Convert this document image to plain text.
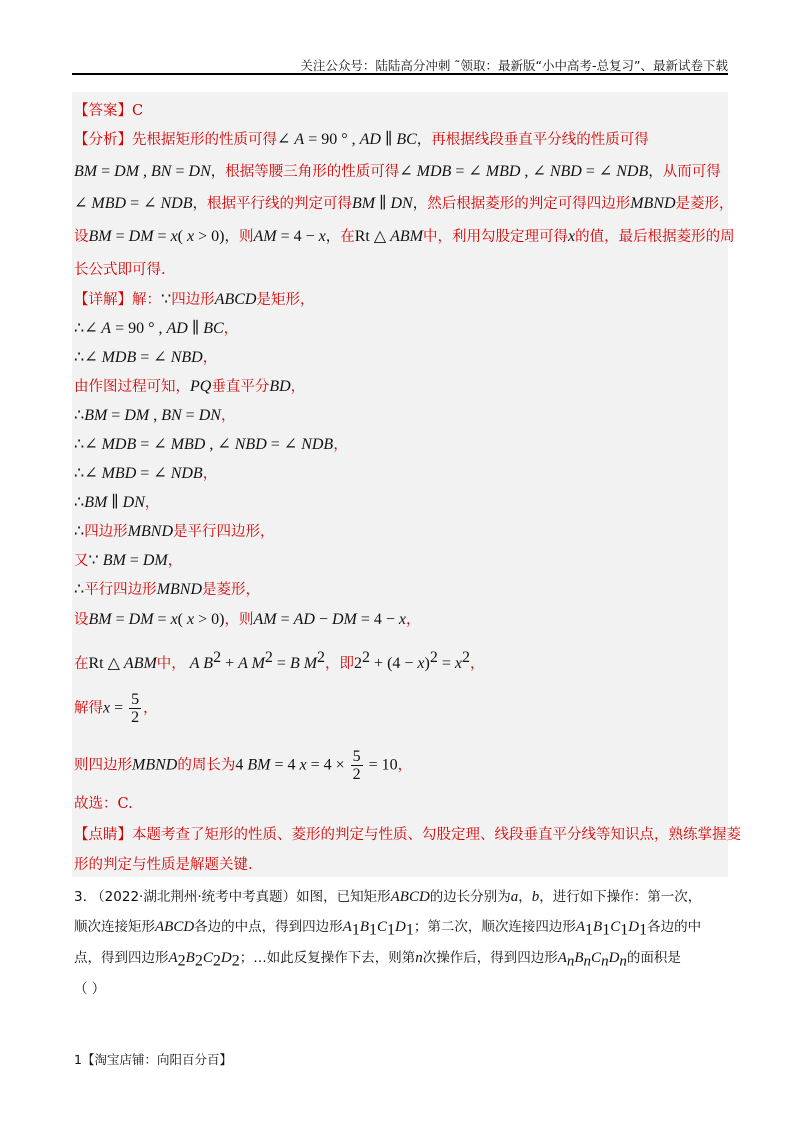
关注公众号：陆陆高分冲刺 ˜领取：最新版“小中高考-总复习”、最新试卷下载
【答案】C
【分析】先根据矩形的性质可得∠ A = 90 ° , AD ∥ BC，再根据线段垂直平分线的性质可得
BM = DM , BN = DN，根据等腰三角形的性质可得∠ MDB = ∠ MBD , ∠ NBD = ∠ NDB，从而可得
∠ MBD = ∠ NDB，根据平行线的判定可得BM ∥ DN，然后根据菱形的判定可得四边形MBND是菱形，
设BM = DM = x( x > 0)，则AM = 4 − x，在Rt △ ABM中，利用勾股定理可得x的值，最后根据菱形的周
长公式即可得.
【详解】解：∵四边形ABCD是矩形，
∴∠ A = 90 ° , AD ∥ BC，
∴∠ MDB = ∠ NBD，
由作图过程可知，PQ垂直平分BD，
∴BM = DM , BN = DN，
∴∠ MDB = ∠ MBD , ∠ NBD = ∠ NDB，
∴∠ MBD = ∠ NDB，
∴BM ∥ DN，
∴四边形MBND是平行四边形，
又∵ BM = DM，
∴平行四边形MBND是菱形，
设BM = DM = x( x > 0)，则AM = AD − DM = 4 − x，
在Rt △ ABM中， A $B^2 + A$ $M^2 = B$ $M^2$，即$2^2 + (4 - x)^2 = x^2$，
解得$x = \frac{5}{2}$ ，
则四边形MBND的周长为4 BM = 4 $x = 4 \times \frac{5}{2} = 10$，
故选：C.
【点睛】本题考查了矩形的性质、菱形的判定与性质、勾股定理、线段垂直平分线等知识点，熟练掌握菱
形的判定与性质是解题关键.
3. （2022·湖北荆州·统考中考真题）如图，已知矩形ABCD的边长分别为a，b，进行如下操作：第一次，
顺次连接矩形ABCD各边的中点，得到四边形$A_1B_1C_1D_1$；第二次，顺次连接四边形$A_1B_1C_1D_1$各边的中
点，得到四边形$A_2B_2C_2D_2$；…如此反复操作下去，则第n次操作后，得到四边形$A_nB_nC_nD_n$的面积是
（ ）
1【淘宝店铺：向阳百分百】
